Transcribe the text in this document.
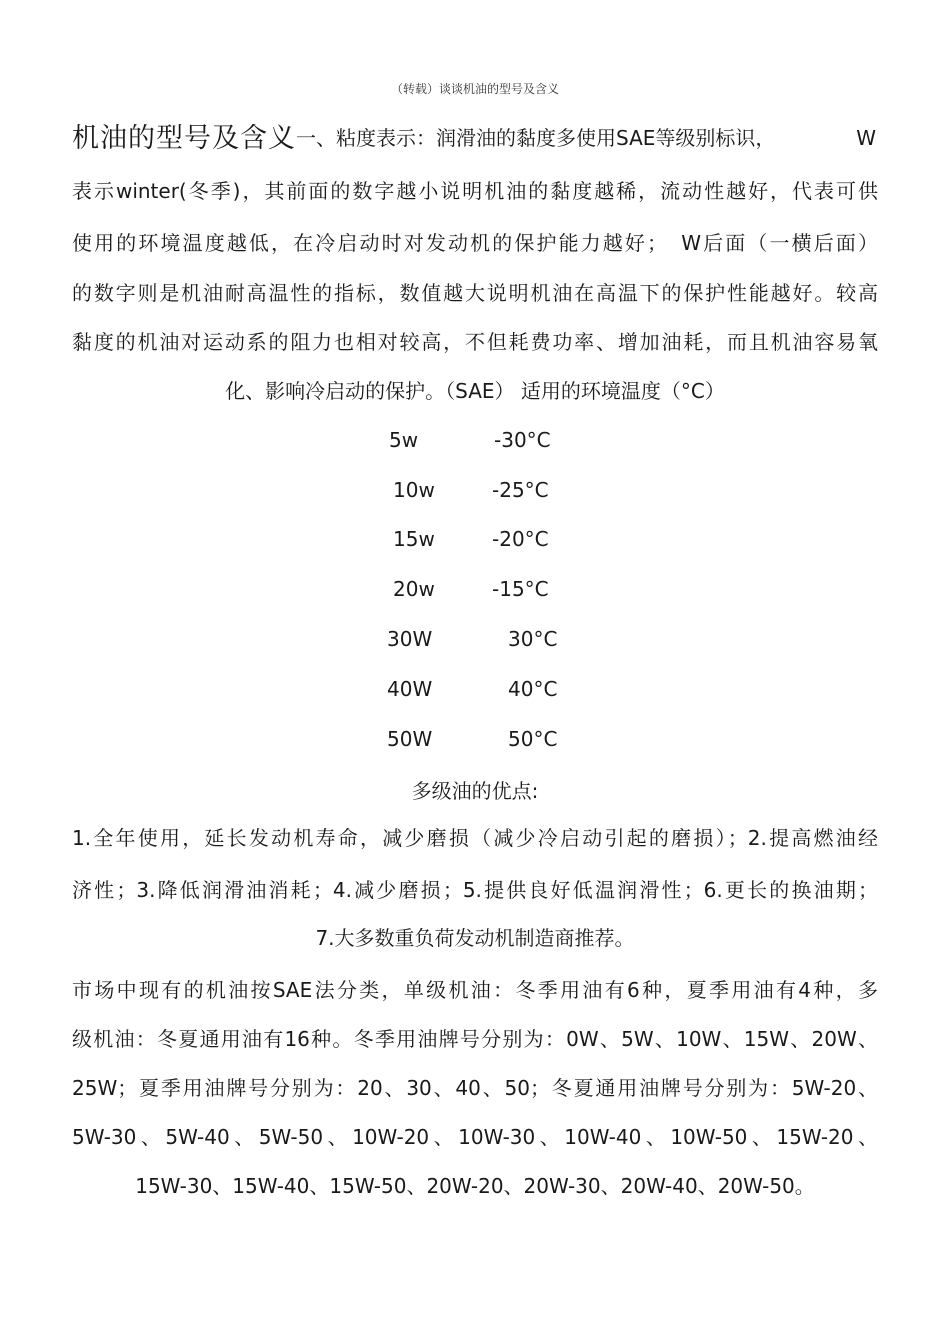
（转载）谈谈机油的型号及含义
机油的型号及含义一、粘度表示：润滑油的黏度多使用SAE等级别标识，	W
表示winter(冬季)，其前面的数字越小说明机油的黏度越稀，流动性越好，代表可供
使用的环境温度越低，在冷启动时对发动机的保护能力越好；　W后面（一横后面）
的数字则是机油耐高温性的指标，数值越大说明机油在高温下的保护性能越好。较高
黏度的机油对运动系的阻力也相对较高，不但耗费功率、增加油耗，而且机油容易氧
化、影响冷启动的保护。（SAE） 适用的环境温度（°C）
5w	-30°C
10w	-25°C
15w	-20°C
20w	-15°C
30W	30°C
40W	40°C
50W	50°C
多级油的优点:
1.全年使用，延长发动机寿命，减少磨损（减少冷启动引起的磨损）；2.提高燃油经
济性；3.降低润滑油消耗；4.减少磨损；5.提供良好低温润滑性；6.更长的换油期；
7.大多数重负荷发动机制造商推荐。
市场中现有的机油按SAE法分类，单级机油：冬季用油有6种，夏季用油有4种，多
级机油：冬夏通用油有16种。冬季用油牌号分别为：0W、5W、10W、15W、20W、
25W；夏季用油牌号分别为：20、30、40、50；冬夏通用油牌号分别为：5W-20、
5W-30、5W-40、5W-50、10W-20、10W-30、10W-40、10W-50、15W-20、
15W-30、15W-40、15W-50、20W-20、20W-30、20W-40、20W-50。
